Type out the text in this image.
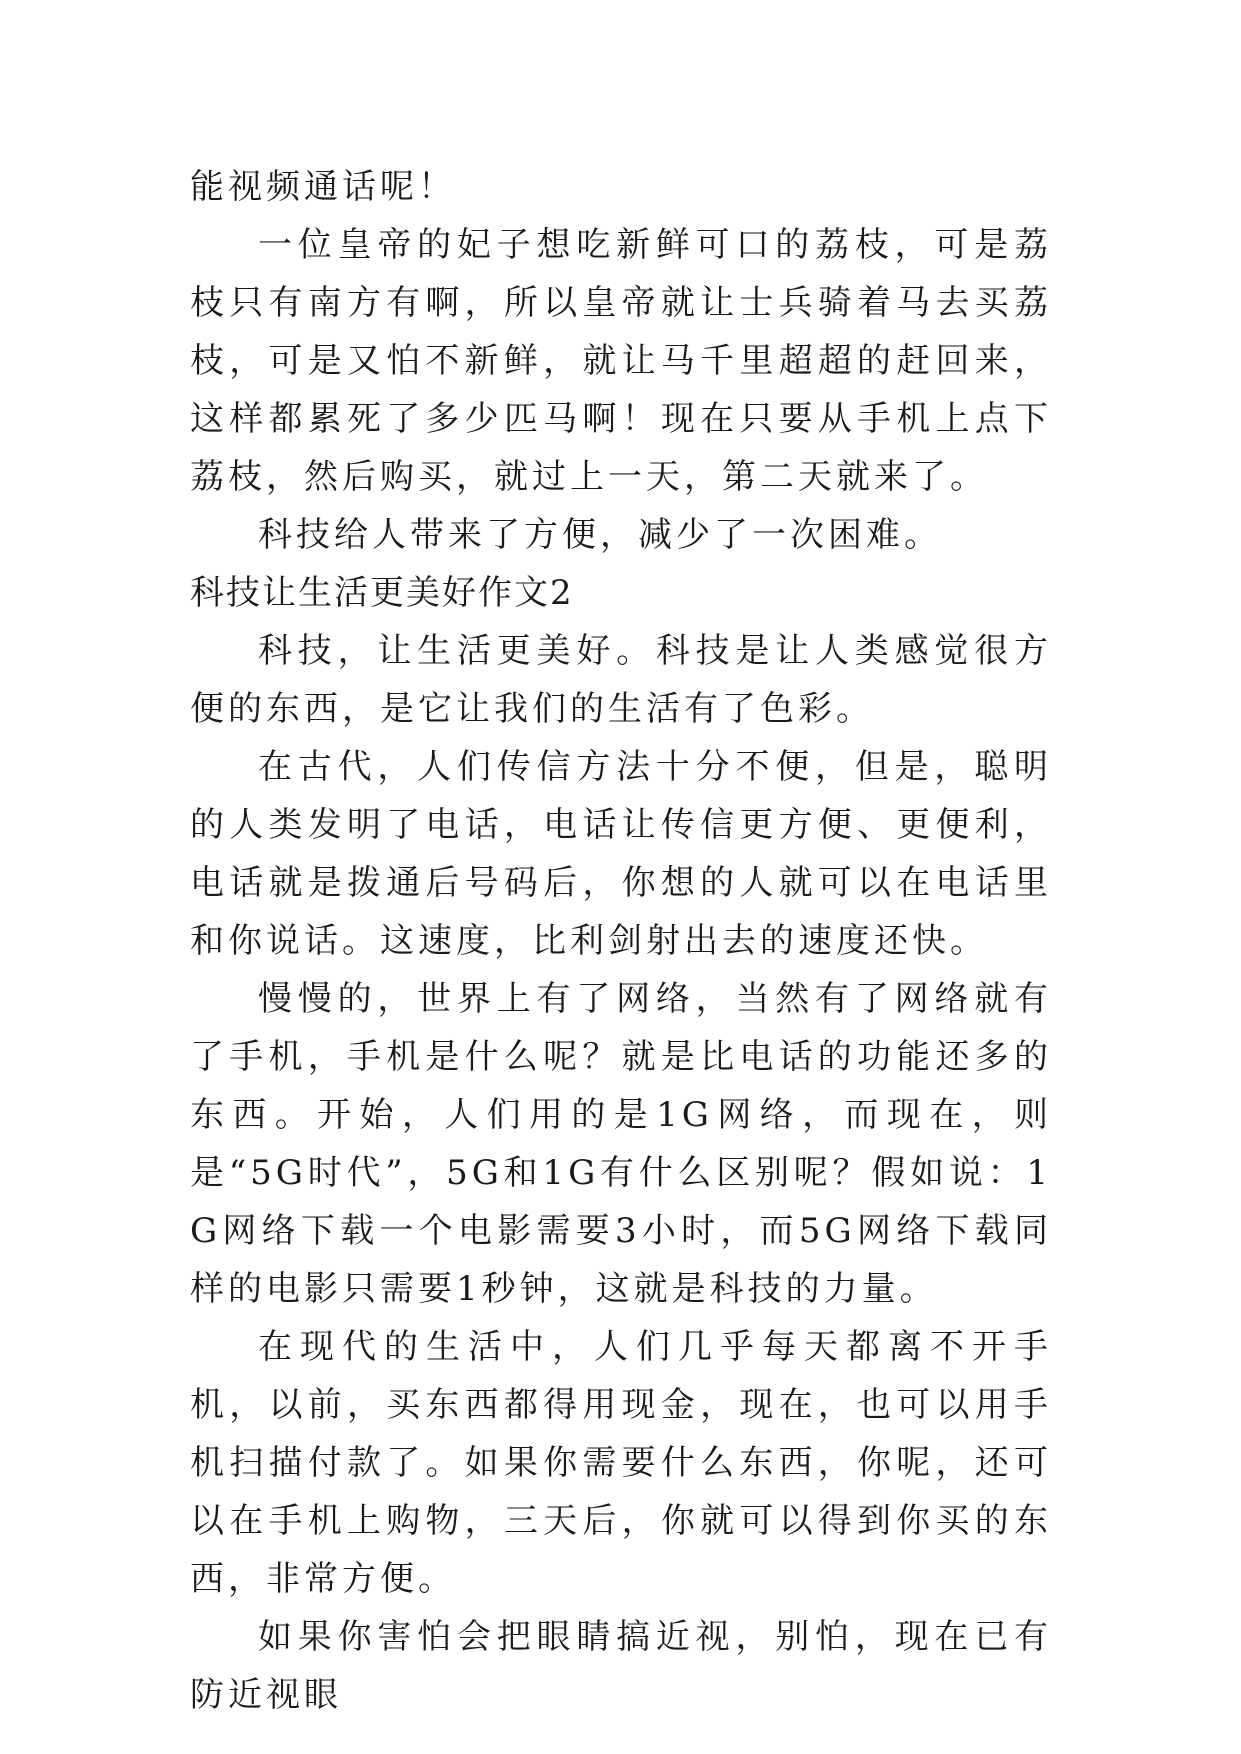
能视频通话呢！

一位皇帝的妃子想吃新鲜可口的荔枝，可是荔枝只有南方有啊，所以皇帝就让士兵骑着马去买荔枝，可是又怕不新鲜，就让马千里超超的赶回来，这样都累死了多少匹马啊！现在只要从手机上点下荔枝，然后购买，就过上一天，第二天就来了。

科技给人带来了方便，减少了一次困难。

科技让生活更美好作文2

科技，让生活更美好。科技是让人类感觉很方便的东西，是它让我们的生活有了色彩。

在古代，人们传信方法十分不便，但是，聪明的人类发明了电话，电话让传信更方便、更便利，电话就是拨通后号码后，你想的人就可以在电话里和你说话。这速度，比利剑射出去的速度还快。

慢慢的，世界上有了网络，当然有了网络就有了手机，手机是什么呢？就是比电话的功能还多的东西。开始，人们用的是1G网络，而现在，则是“5G时代”，5G和1G有什么区别呢？假如说：1G网络下载一个电影需要3小时，而5G网络下载同样的电影只需要1秒钟，这就是科技的力量。

在现代的生活中，人们几乎每天都离不开手机，以前，买东西都得用现金，现在，也可以用手机扫描付款了。如果你需要什么东西，你呢，还可以在手机上购物，三天后，你就可以得到你买的东西，非常方便。

如果你害怕会把眼睛搞近视，别怕，现在已有防近视眼
